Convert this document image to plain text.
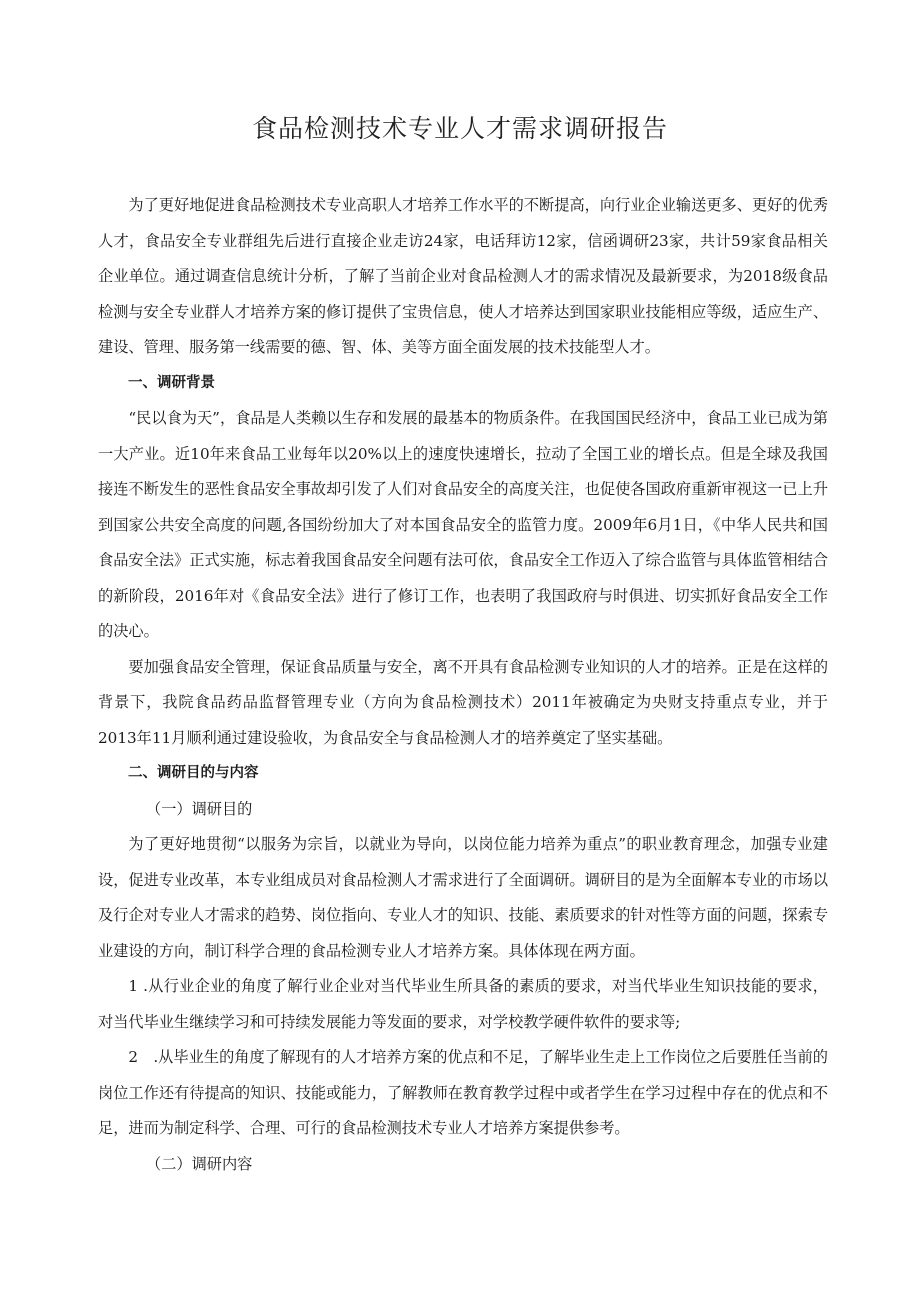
食品检测技术专业人才需求调研报告

为了更好地促进食品检测技术专业高职人才培养工作水平的不断提高，向行业企业输送更多、更好的优秀人才，食品安全专业群组先后进行直接企业走访24家，电话拜访12家，信函调研23家，共计59家食品相关企业单位。通过调查信息统计分析，了解了当前企业对食品检测人才的需求情况及最新要求，为2018级食品检测与安全专业群人才培养方案的修订提供了宝贵信息，使人才培养达到国家职业技能相应等级，适应生产、建设、管理、服务第一线需要的德、智、体、美等方面全面发展的技术技能型人才。

一、调研背景

“民以食为天”，食品是人类赖以生存和发展的最基本的物质条件。在我国国民经济中，食品工业已成为第一大产业。近10年来食品工业每年以20%以上的速度快速增长，拉动了全国工业的增长点。但是全球及我国接连不断发生的恶性食品安全事故却引发了人们对食品安全的高度关注，也促使各国政府重新审视这一已上升到国家公共安全高度的问题,各国纷纷加大了对本国食品安全的监管力度。2009年6月1日，《中华人民共和国食品安全法》正式实施，标志着我国食品安全问题有法可依，食品安全工作迈入了综合监管与具体监管相结合的新阶段，2016年对《食品安全法》进行了修订工作，也表明了我国政府与时俱进、切实抓好食品安全工作的决心。

要加强食品安全管理，保证食品质量与安全，离不开具有食品检测专业知识的人才的培养。正是在这样的背景下，我院食品药品监督管理专业（方向为食品检测技术）2011年被确定为央财支持重点专业，并于2013年11月顺利通过建设验收，为食品安全与食品检测人才的培养奠定了坚实基础。

二、调研目的与内容

（一）调研目的

为了更好地贯彻“以服务为宗旨，以就业为导向，以岗位能力培养为重点”的职业教育理念，加强专业建设，促进专业改革，本专业组成员对食品检测人才需求进行了全面调研。调研目的是为全面解本专业的市场以及行企对专业人才需求的趋势、岗位指向、专业人才的知识、技能、素质要求的针对性等方面的问题，探索专业建设的方向，制订科学合理的食品检测专业人才培养方案。具体体现在两方面。

1 .从行业企业的角度了解行业企业对当代毕业生所具备的素质的要求，对当代毕业生知识技能的要求，对当代毕业生继续学习和可持续发展能力等发面的要求，对学校教学硬件软件的要求等;

2　.从毕业生的角度了解现有的人才培养方案的优点和不足，了解毕业生走上工作岗位之后要胜任当前的岗位工作还有待提高的知识、技能或能力，了解教师在教育教学过程中或者学生在学习过程中存在的优点和不足，进而为制定科学、合理、可行的食品检测技术专业人才培养方案提供参考。

（二）调研内容
